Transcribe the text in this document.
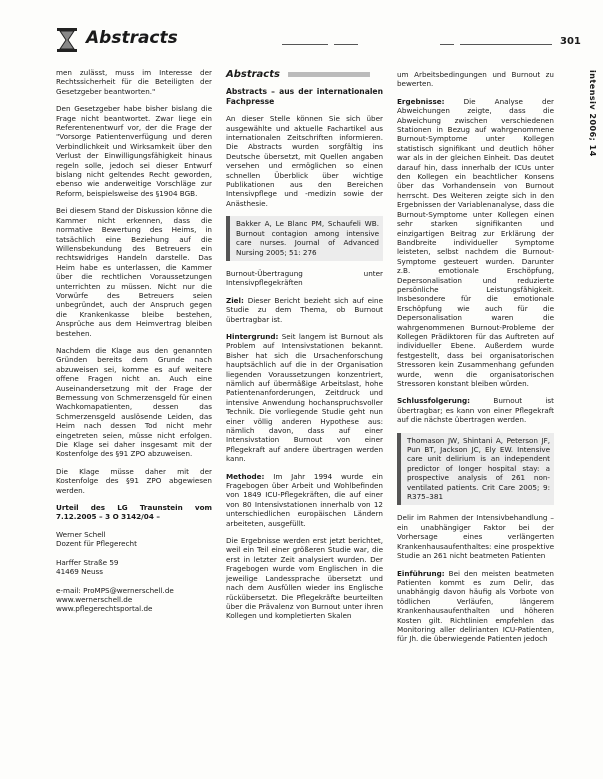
Abstracts	301
intensiv 2006; 14

men zulässt, muss im Interesse der Rechtssicherheit für die Beteiligten der Gesetzgeber beantworten."

Den Gesetzgeber habe bisher bislang die Frage nicht beantwortet. Zwar liege ein Referentenentwurf vor, der die Frage der "Vorsorge Patientenverfügung und deren Verbindlichkeit und Wirksamkeit über den Verlust der Einwilligungsfähigkeit hinaus regeln solle, jedoch sei dieser Entwurf bislang nicht geltendes Recht geworden, ebenso wie anderweitige Vorschläge zur Reform, beispielsweise des §1904 BGB.

Bei diesem Stand der Diskussion könne die Kammer nicht erkennen, dass die normative Bewertung des Heims, in tatsächlich eine Beziehung auf die Willensbekundung des Betreuers ein rechtswidriges Handeln darstelle. Das Heim habe es unterlassen, die Kammer über die rechtlichen Voraussetzungen unterrichten zu müssen. Nicht nur die Vorwürfe des Betreuers seien unbegründet, auch der Anspruch gegen die Krankenkasse bleibe bestehen, Ansprüche aus dem Heimvertrag bleiben bestehen.

Nachdem die Klage aus den genannten Gründen bereits dem Grunde nach abzuweisen sei, komme es auf weitere offene Fragen nicht an. Auch eine Auseinandersetzung mit der Frage der Bemessung von Schmerzensgeld für einen Wachkomapatienten, dessen das Schmerzensgeld auslösende Leiden, das Heim nach dessen Tod nicht mehr eingetreten seien, müsse nicht erfolgen. Die Klage sei daher insgesamt mit der Kostenfolge des §91 ZPO abzuweisen.

Die Klage müsse daher mit der Kostenfolge des §91 ZPO abgewiesen werden.

Urteil des LG Traunstein vom 7.12.2005 – 3 O 3142/04 –

Werner Schell

Dozent für Pflegerecht

Harffer Straße 59

41469 Neuss

e-mail: ProMPS@wernerschell.de

www.wernerschell.de

www.pflegerechtsportal.de

Abstracts

Abstracts – aus der internationalen Fachpresse

An dieser Stelle können Sie sich über ausgewählte und aktuelle Fachartikel aus internationalen Zeitschriften informieren. Die Abstracts wurden sorgfältig ins Deutsche übersetzt, mit Quellen angaben versehen und ermöglichen so einen schnellen Überblick über wichtige Publikationen aus den Bereichen Intensivpflege und -medizin sowie der Anästhesie.

Bakker A, Le Blanc PM, Schaufeli WB. Burnout contagion among intensive care nurses. Journal of Advanced Nursing 2005; 51: 276

Burnout-Übertragung unter Intensivpflegekräften

Ziel: Dieser Bericht bezieht sich auf eine Studie zu dem Thema, ob Burnout übertragbar ist.

Hintergrund: Seit langem ist Burnout als Problem auf Intensivstationen bekannt. Bisher hat sich die Ursachenforschung hauptsächlich auf die in der Organisation liegenden Voraussetzungen konzentriert, nämlich auf übermäßige Arbeitslast, hohe Patientenanforderungen, Zeitdruck und intensive Anwendung hochanspruchsvoller Technik. Die vorliegende Studie geht nun einer völlig anderen Hypothese aus: nämlich davon, dass auf einer Intensivstation Burnout von einer Pflegekraft auf andere übertragen werden kann.

Methode: Im Jahr 1994 wurde ein Fragebogen über Arbeit und Wohlbefinden von 1849 ICU-Pflegekräften, die auf einer von 80 Intensivstationen innerhalb von 12 unterschiedlichen europäischen Ländern arbeiteten, ausgefüllt.

Die Ergebnisse werden erst jetzt berichtet, weil ein Teil einer größeren Studie war, die erst in letzter Zeit analysiert wurden. Der Fragebogen wurde vom Englischen in die jeweilige Landessprache übersetzt und nach dem Ausfüllen wieder ins Englische rückübersetzt. Die Pflegekräfte beurteilten über die Prävalenz von Burnout unter ihren Kollegen und kompletierten Skalen

um Arbeitsbedingungen und Burnout zu bewerten.

Ergebnisse:	Die Analyse der Abweichungen zeigte, dass die Abweichung zwischen verschiedenen Stationen in Bezug auf wahrgenommene Burnout-Symptome unter Kollegen statistisch signifikant und deutlich höher war als in der gleichen Einheit. Das deutet darauf hin, dass innerhalb der ICUs unter den Kollegen ein beachtlicher Konsens über das Vorhandensein von Burnout herrscht. Des Weiteren zeigte sich in den Ergebnissen der Variablenanalyse, dass die Burnout-Symptome unter Kollegen einen sehr starken signifikanten und einzigartigen Beitrag zur Erklärung der Bandbreite individueller Symptome leisteten, selbst nachdem die Burnout-Symptome gesteuert wurden. Darunter z.B. emotionale Erschöpfung, Depersonalisation und reduzierte persönliche Leistungsfähigkeit. Insbesondere für die emotionale Erschöpfung wie auch für die Depersonalisation waren die wahrgenommenen Burnout-Probleme der Kollegen Prädiktoren für das Auftreten auf individueller Ebene. Außerdem wurde festgestellt, dass bei organisatorischen Stressoren kein Zusammenhang gefunden wurde, wenn die organisatorischen Stressoren konstant bleiben würden.

Schlussfolgerung:	Burnout ist übertragbar; es kann von einer Pflegekraft auf die nächste übertragen werden.

Thomason JW, Shintani A, Peterson JF, Pun BT, Jackson JC, Ely EW. Intensive care unit delirium is an independent predictor of longer hospital stay: a prospective analysis of 261 non-ventilated patients. Crit Care 2005; 9: R375–381

Delir im Rahmen der Intensivbehandlung – ein unabhängiger Faktor bei der Vorhersage eines verlängerten Krankenhausaufenthaltes: eine prospektive Studie an 261 nicht beatmeten Patienten

Einführung: Bei den meisten beatmeten Patienten kommt es zum Delir, das unabhängig davon häufig als Vorbote von tödlichen Verläufen, längerem Krankenhausaufenthalten und höheren Kosten gilt. Richtlinien empfehlen das Monitoring aller delirianten ICU-Patienten, für Jh. die überwiegende Patienten jedoch
